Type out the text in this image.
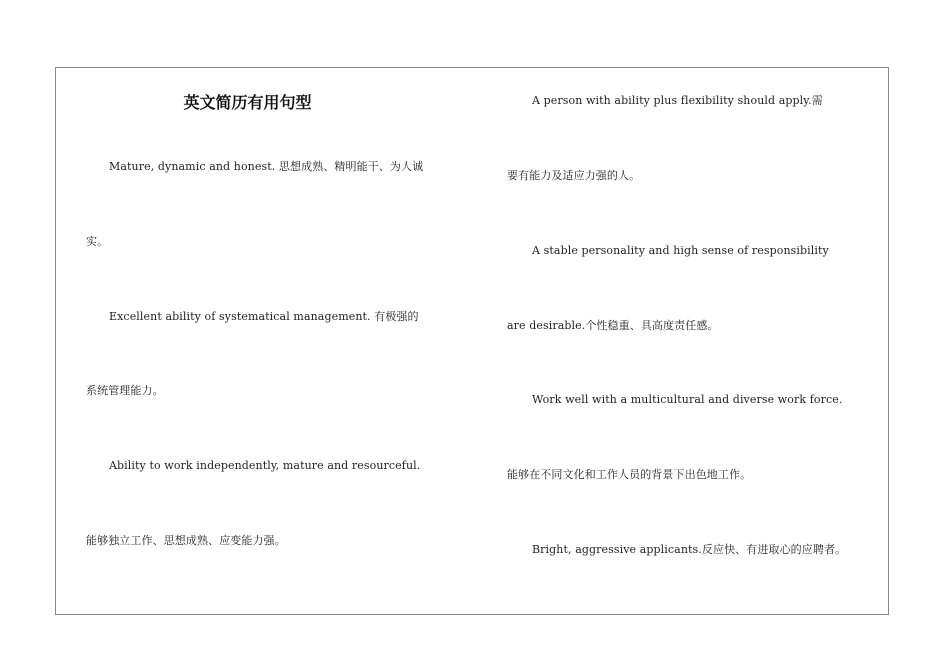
英文简历有用句型
Mature, dynamic and honest. 思想成熟、精明能干、为人诚
实。
Excellent ability of systematical management. 有极强的
系统管理能力。
Ability to work independently, mature and resourceful.
能够独立工作、思想成熟、应变能力强。
A person with ability plus flexibility should apply.需
要有能力及适应力强的人。
A stable personality and high sense of responsibility
are desirable.个性稳重、具高度责任感。
Work well with a multicultural and diverse work force.
能够在不同文化和工作人员的背景下出色地工作。
Bright, aggressive applicants.反应快、有进取心的应聘者。
